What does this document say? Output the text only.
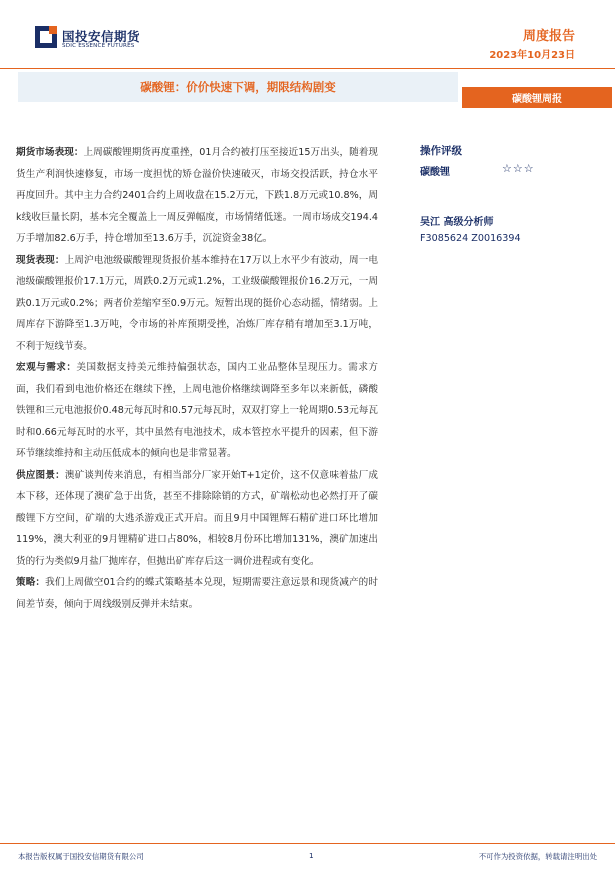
国投安信期货
SDIC ESSENCE FUTURES
周度报告
2023年10月23日
碳酸锂：价价快速下调，期限结构剧变
碳酸锂周报

期货市场表现：上周碳酸锂期货再度重挫，01月合约被打压至接近15万出头，随着现货生产利润快速修复，市场一度担忧的矫仓溢价快速破灭，市场交投活跃，持仓水平再度回升。其中主力合约2401合约上周收盘在15.2万元，下跌1.8万元或10.8%，周k线收巨量长阴，基本完全覆盖上一周反弹幅度，市场情绪低迷。一周市场成交194.4万手增加82.6万手，持仓增加至13.6万手，沉淀资金38亿。

现货表现：上周沪电池级碳酸锂现货报价基本维持在17万以上水平少有波动，周一电池级碳酸锂报价17.1万元，周跌0.2万元或1.2%，工业级碳酸锂报价16.2万元，一周跌0.1万元或0.2%；两者价差缩窄至0.9万元。短暂出现的挺价心态动摇，情绪弱。上周库存下游降至1.3万吨，令市场的补库预期受挫，冶炼厂库存稍有增加至3.1万吨，不利于短线节奏。

宏观与需求：美国数据支持美元维持偏强状态，国内工业品整体呈现压力。需求方面，我们看到电池价格还在继续下挫，上周电池价格继续调降至多年以来新低，磷酸铁锂和三元电池报价0.48元每瓦时和0.57元每瓦时，双双打穿上一轮周期0.53元每瓦时和0.66元每瓦时的水平，其中虽然有电池技术，成本管控水平提升的因素，但下游环节继续维持和主动压低成本的倾向也是非常显著。

供应图景：澳矿谈判传来消息，有相当部分厂家开始T+1定价，这不仅意味着盐厂成本下移，还体现了澳矿急于出货，甚至不排除除销的方式，矿端松动也必然打开了碳酸锂下方空间，矿端的大逃杀游戏正式开启。而且9月中国锂辉石精矿进口环比增加119%，澳大利亚的9月锂精矿进口占80%，相较8月份环比增加131%，澳矿加速出货的行为类似9月盐厂抛库存，但抛出矿库存后这一调价进程或有变化。

策略：我们上周做空01合约的蝶式策略基本兑现，短期需要注意远景和现货减产的时间差节奏，倾向于周线级别反弹并未结束。

操作评级
碳酸锂	☆☆☆
吴江 高级分析师
F3085624 Z0016394
本报告版权属于国投安信期货有限公司	1	不可作为投资依据，转载请注明出处
